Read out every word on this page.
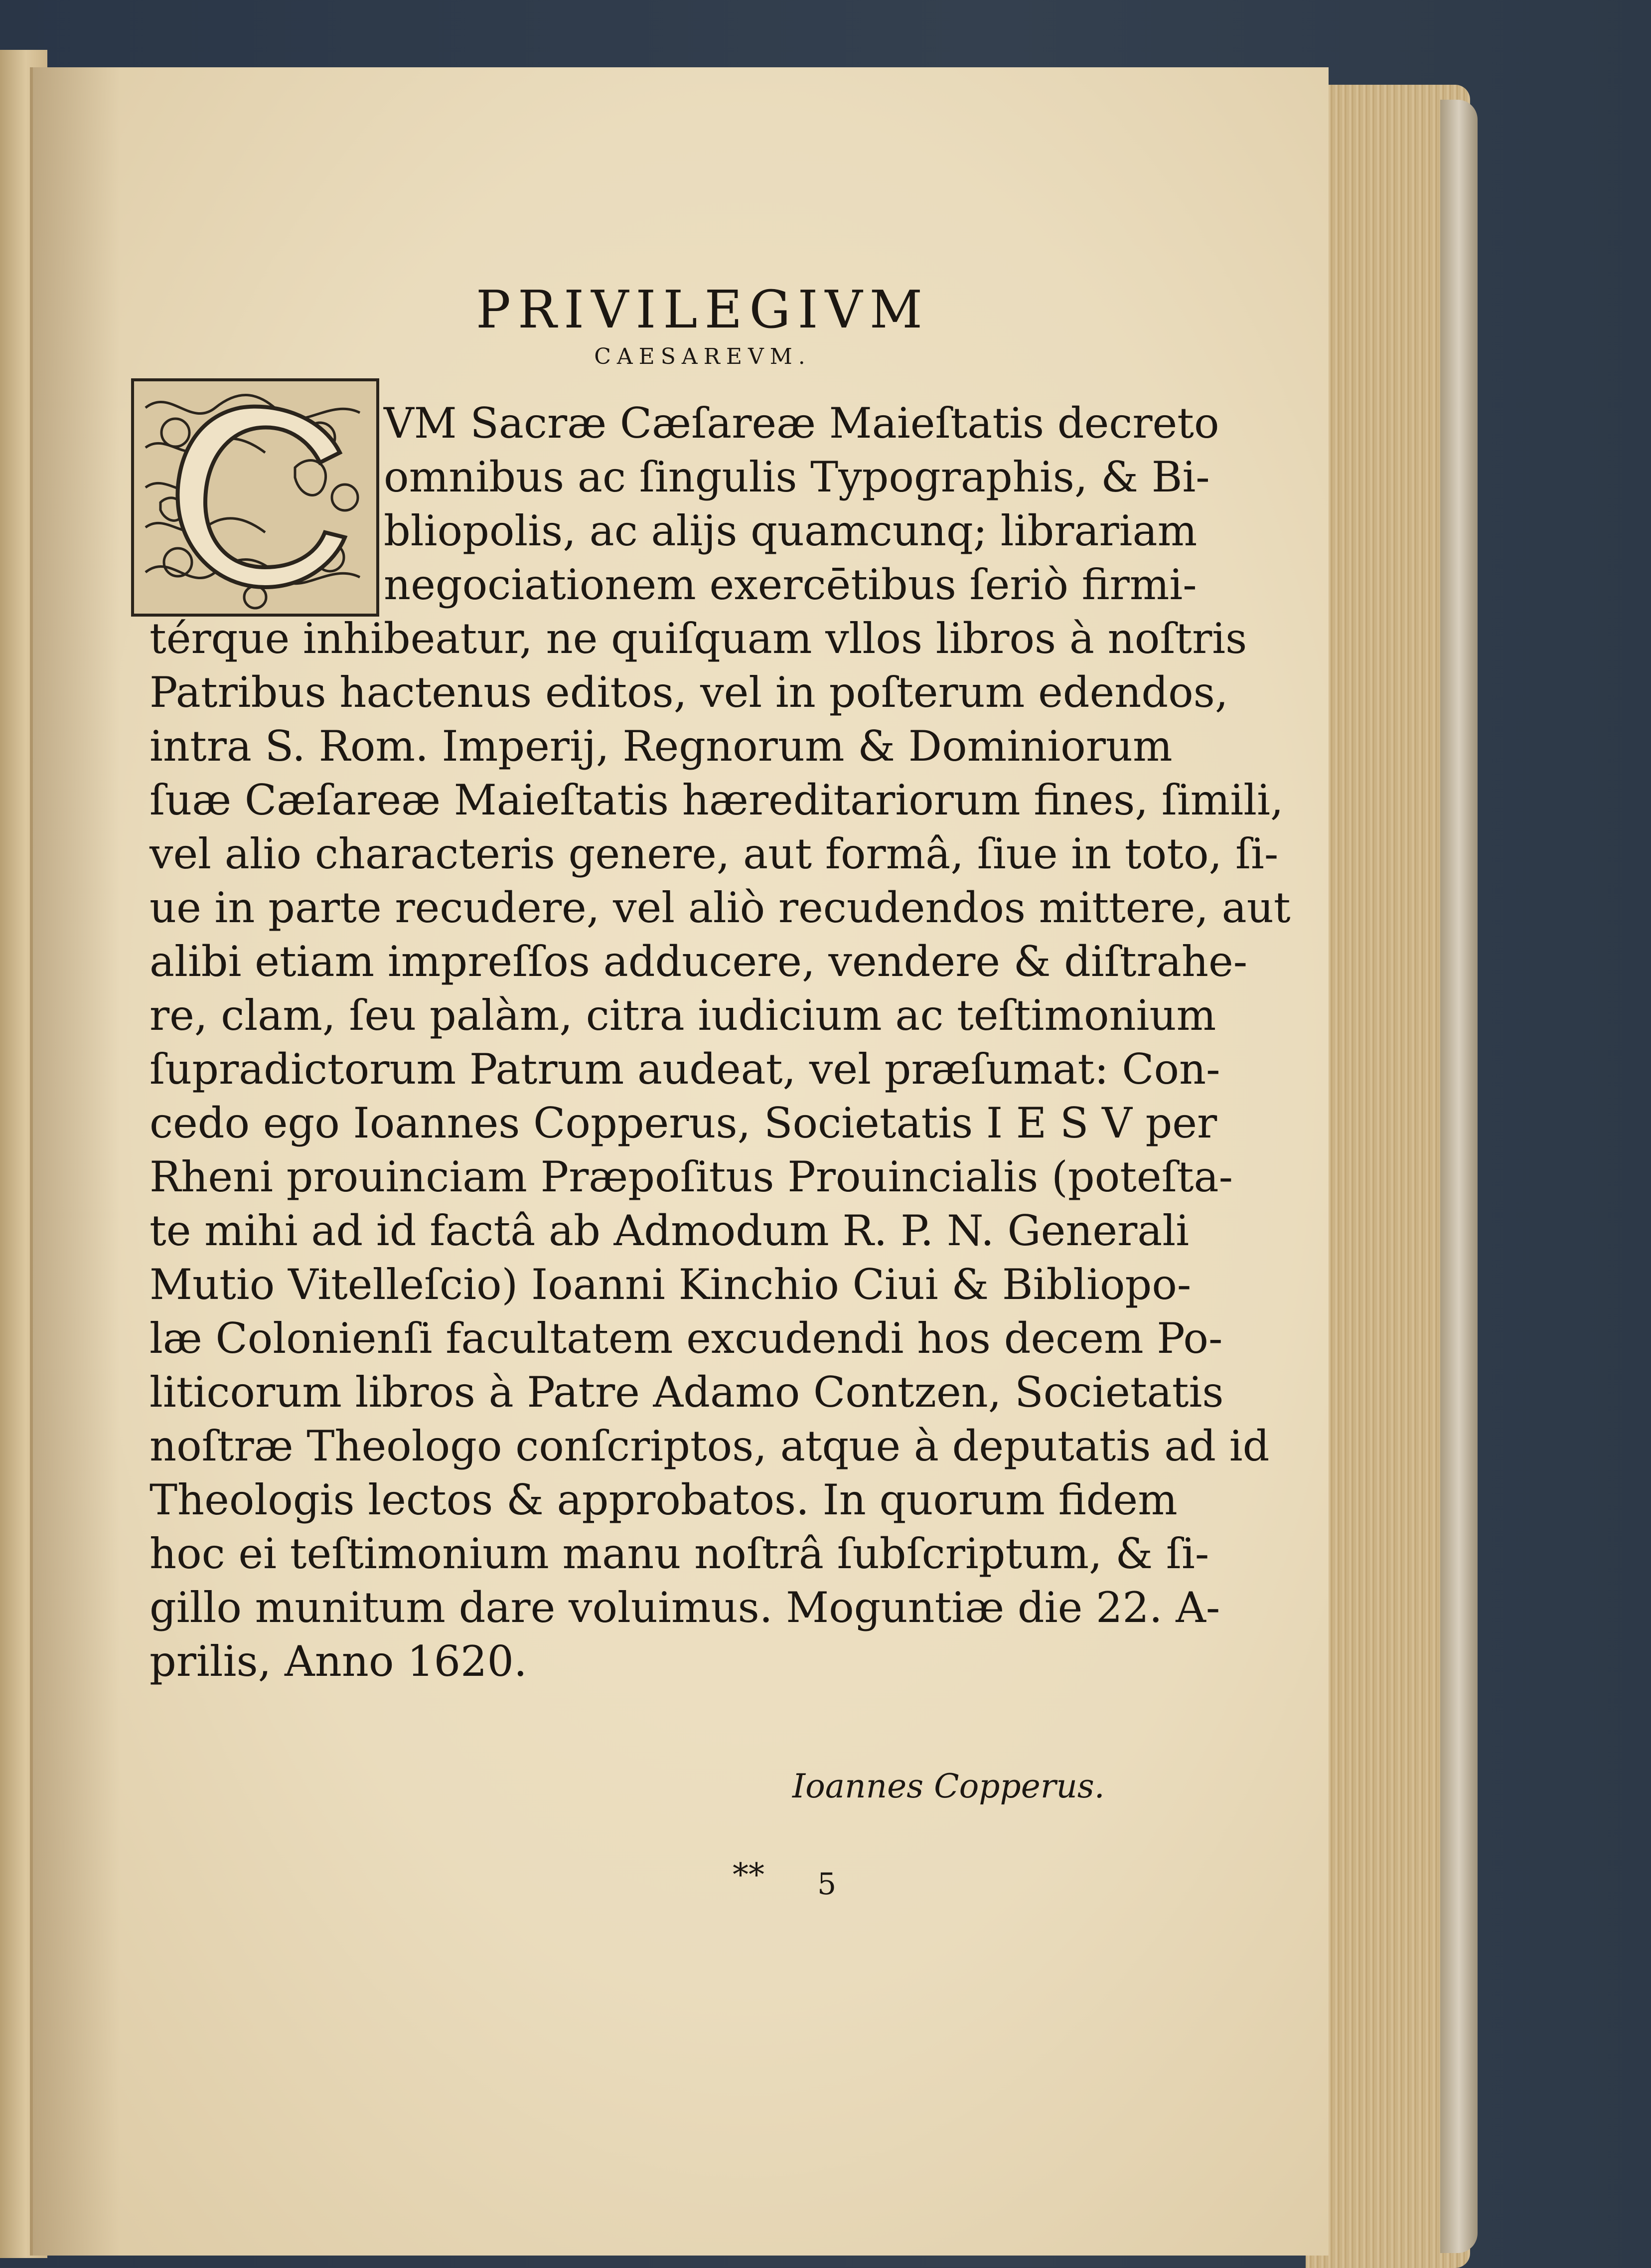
PRIVILEGIVM
CAESAREVM.
VM Sacræ Cæſareæ Maieſtatis decreto
omnibus ac ſingulis Typographis, & Bi-
bliopolis, ac alijs quamcunq; librariam
negociationem exercētibus ſeriò firmi-
térque inhibeatur, ne quiſquam vllos libros à noſtris
Patribus hactenus editos, vel in poſterum edendos,
intra S. Rom. Imperij, Regnorum & Dominiorum
ſuæ Cæſareæ Maieſtatis hæreditariorum fines, ſimili,
vel alio characteris genere, aut formâ, ſiue in toto, ſi-
ue in parte recudere, vel aliò recudendos mittere, aut
alibi etiam impreſſos adducere, vendere & diſtrahe-
re, clam, ſeu palàm, citra iudicium ac teſtimonium
ſupradictorum Patrum audeat, vel præſumat: Con-
cedo ego Ioannes Copperus, Societatis I E S V per
Rheni prouinciam Præpoſitus Prouincialis (poteſta-
te mihi ad id factâ ab Admodum R. P. N. Generali
Mutio Vitelleſcio) Ioanni Kinchio Ciui & Bibliopo-
læ Colonienſi facultatem excudendi hos decem Po-
liticorum libros à Patre Adamo Contzen, Societatis
noſtræ Theologo conſcriptos, atque à deputatis ad id
Theologis lectos & approbatos. In quorum fidem
hoc ei teſtimonium manu noſtrâ ſubſcriptum, & ſi-
gillo munitum dare voluimus. Moguntiæ die 22. A-
prilis, Anno 1620.
Ioannes Copperus.
** 5
